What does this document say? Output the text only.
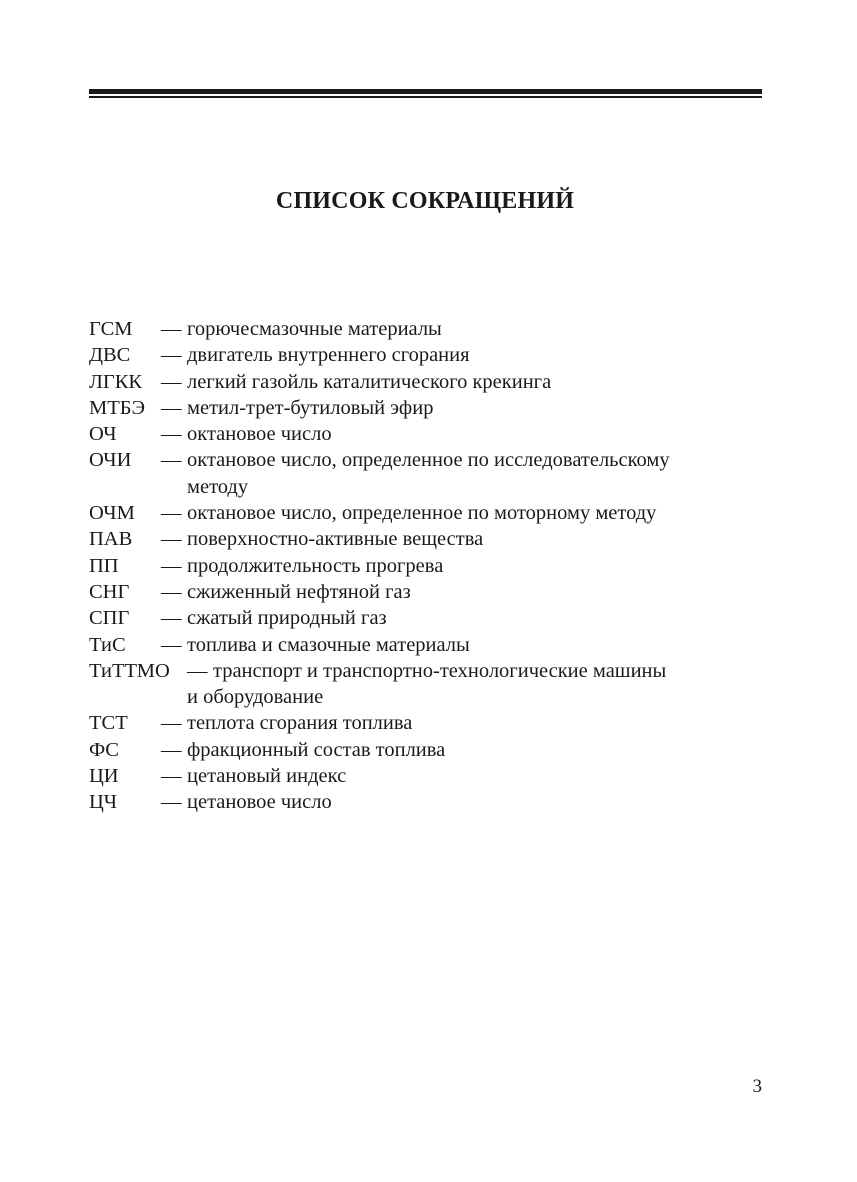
СПИСОК СОКРАЩЕНИЙ
ГСМ	— горючесмазочные материалы
ДВС	— двигатель внутреннего сгорания
ЛГКК — легкий газойль каталитического крекинга
МТБЭ — метил-трет-бутиловый эфир
ОЧ	— октановое число
ОЧИ	— октановое число, определенное по исследовательскому
методу
ОЧМ	— октановое число, определенное по моторному методу
ПАВ	— поверхностно-активные вещества
ПП	— продолжительность прогрева
СНГ	— сжиженный нефтяной газ
СПГ	— сжатый природный газ
ТиС	— топлива и смазочные материалы
ТиТТМО — транспорт и транспортно-технологические машины
и оборудование
ТСТ	— теплота сгорания топлива
ФС	— фракционный состав топлива
ЦИ	— цетановый индекс
ЦЧ	— цетановое число

3
